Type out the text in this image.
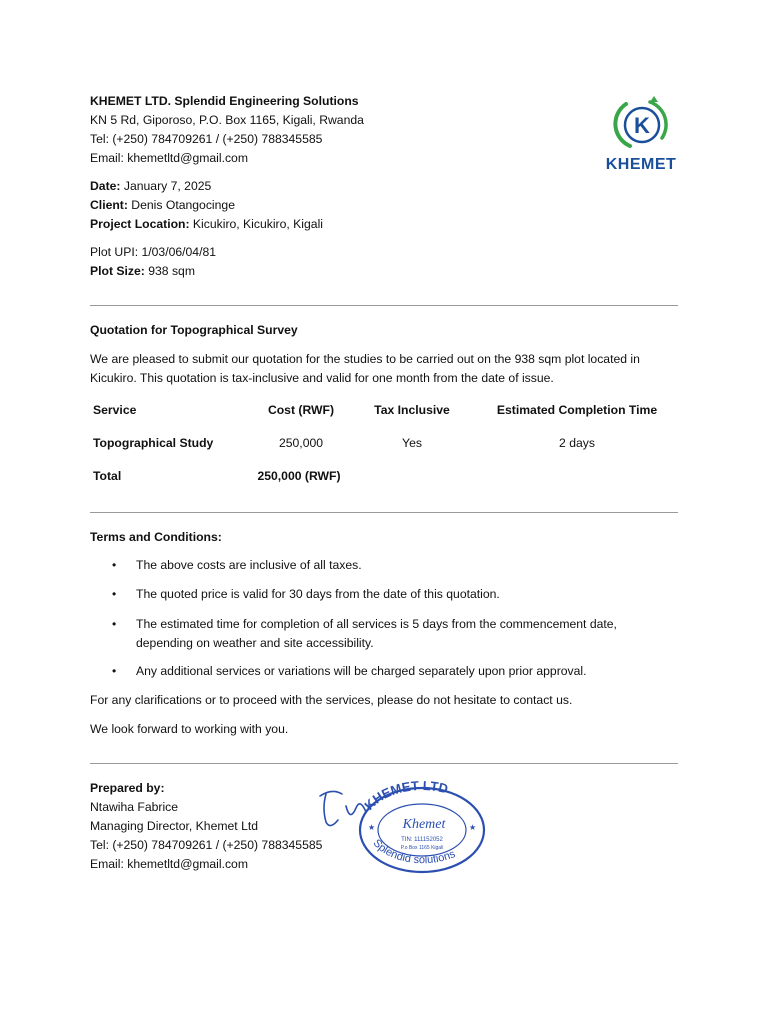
KHEMET LTD. Splendid Engineering Solutions
KN 5 Rd, Giporoso, P.O. Box 1165, Kigali, Rwanda
Tel: (+250) 784709261 / (+250) 788345585
Email: khemetltd@gmail.com
K
KHEMET
Date: January 7, 2025
Client: Denis Otangocinge
Project Location: Kicukiro, Kicukiro, Kigali
Plot UPI: 1/03/06/04/81
Plot Size: 938 sqm
Quotation for Topographical Survey
We are pleased to submit our quotation for the studies to be carried out on the 938 sqm plot located in
Kicukiro. This quotation is tax-inclusive and valid for one month from the date of issue.
Service	Cost (RWF)	Tax Inclusive	Estimated Completion Time
Topographical Study	250,000	Yes	2 days
Total	250,000 (RWF)
Terms and Conditions:
• The above costs are inclusive of all taxes.
• The quoted price is valid for 30 days from the date of this quotation.
• The estimated time for completion of all services is 5 days from the commencement date, depending on weather and site accessibility.
• Any additional services or variations will be charged separately upon prior approval.
For any clarifications or to proceed with the services, please do not hesitate to contact us.
We look forward to working with you.
Prepared by:
Ntawiha Fabrice
Managing Director, Khemet Ltd
Tel: (+250) 784709261 / (+250) 788345585
Email: khemetltd@gmail.com
KHEMET LTD
Splendid solutions
Khemet
TIN: 111152052
P.o Box 1165 Kigali
★	★
